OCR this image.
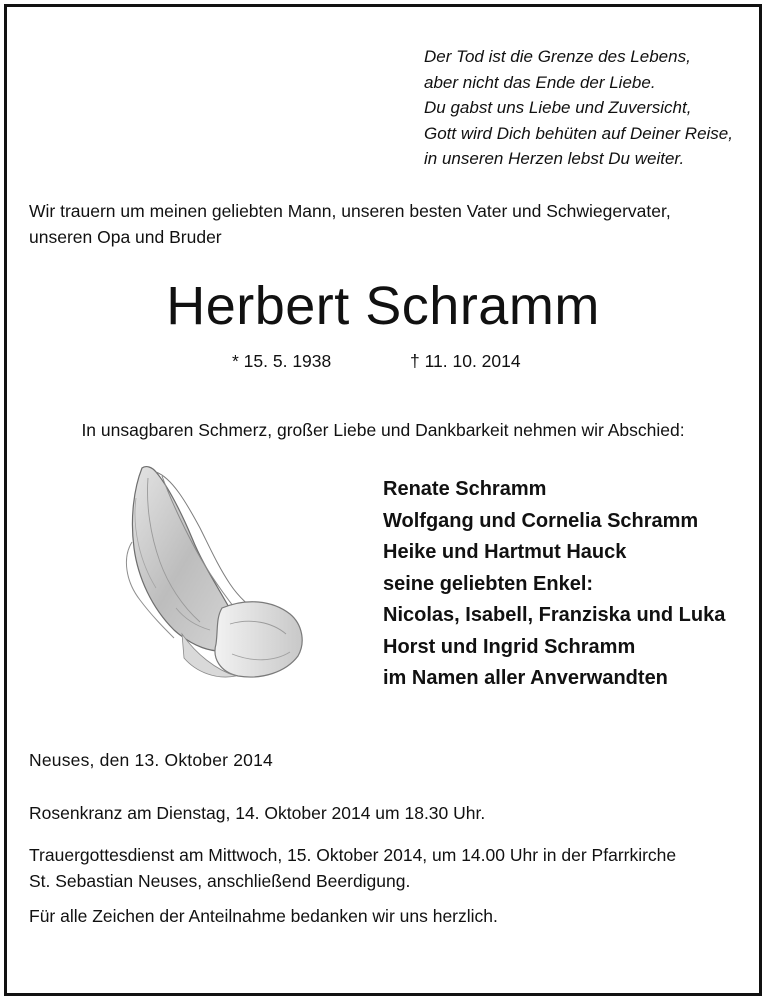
Der Tod ist die Grenze des Lebens,
aber nicht das Ende der Liebe.
Du gabst uns Liebe und Zuversicht,
Gott wird Dich behüten auf Deiner Reise,
in unseren Herzen lebst Du weiter.
Wir trauern um meinen geliebten Mann, unseren besten Vater und Schwiegervater,
unseren Opa und Bruder
Herbert Schramm
* 15. 5. 1938	† 11. 10. 2014
In unsagbaren Schmerz, großer Liebe und Dankbarkeit nehmen wir Abschied:
Renate Schramm
Wolfgang und Cornelia Schramm
Heike und Hartmut Hauck
seine geliebten Enkel:
Nicolas, Isabell, Franziska und Luka
Horst und Ingrid Schramm
im Namen aller Anverwandten
Neuses, den 13. Oktober 2014
Rosenkranz am Dienstag, 14. Oktober 2014 um 18.30 Uhr.
Trauergottesdienst am Mittwoch, 15. Oktober 2014, um 14.00 Uhr in der Pfarrkirche
St. Sebastian Neuses, anschließend Beerdigung.
Für alle Zeichen der Anteilnahme bedanken wir uns herzlich.
